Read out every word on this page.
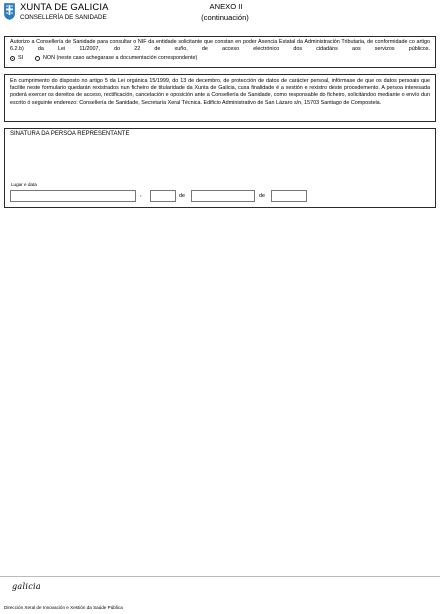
XUNTA DE GALICIA
CONSELLERÍA DE SANIDADE
ANEXO II
(continuación)

Autorizo a Consellería de Sanidade para consultar o NIF da entidade solicitante que constan en poder Axencia Estatal da Administración Tributaria, de conformidade co artigo 6.2.b) da Lei 11/2007, do 22 de xuño, de acceso electrónico dos cidadáns aos servizos públicos.

SI	NON (neste caso achegarase a documentación correspondente)

En cumprimento do disposto no artigo 5 da Lei orgánica 15/1999, do 13 de decembro, de protección de datos de carácter persoal, infórmase de que os datos persoais que facilite neste formulario quedarán rexistrados nun ficheiro de titularidade da Xunta de Galicia, cuxa finalidade é a xestión e rexistro deste procedemento. A persoa interesada poderá exercer os dereitos de acceso, rectificación, cancelación e oposición ante a Consellería de Sanidade, como responsable do ficheiro, solicitándoo mediante o envío dun escrito ó seguinte enderezo: Consellería de Sanidade, Secretaría Xeral Técnica. Edificio Administrativo de San Lázaro s/n, 15703 Santiago de Compostela.

SINATURA DA PERSOA REPRESENTANTE
Lugar e data
,	de	de
galicia
Dirección Xeral de Innovación e Xestión da Saúde Pública
